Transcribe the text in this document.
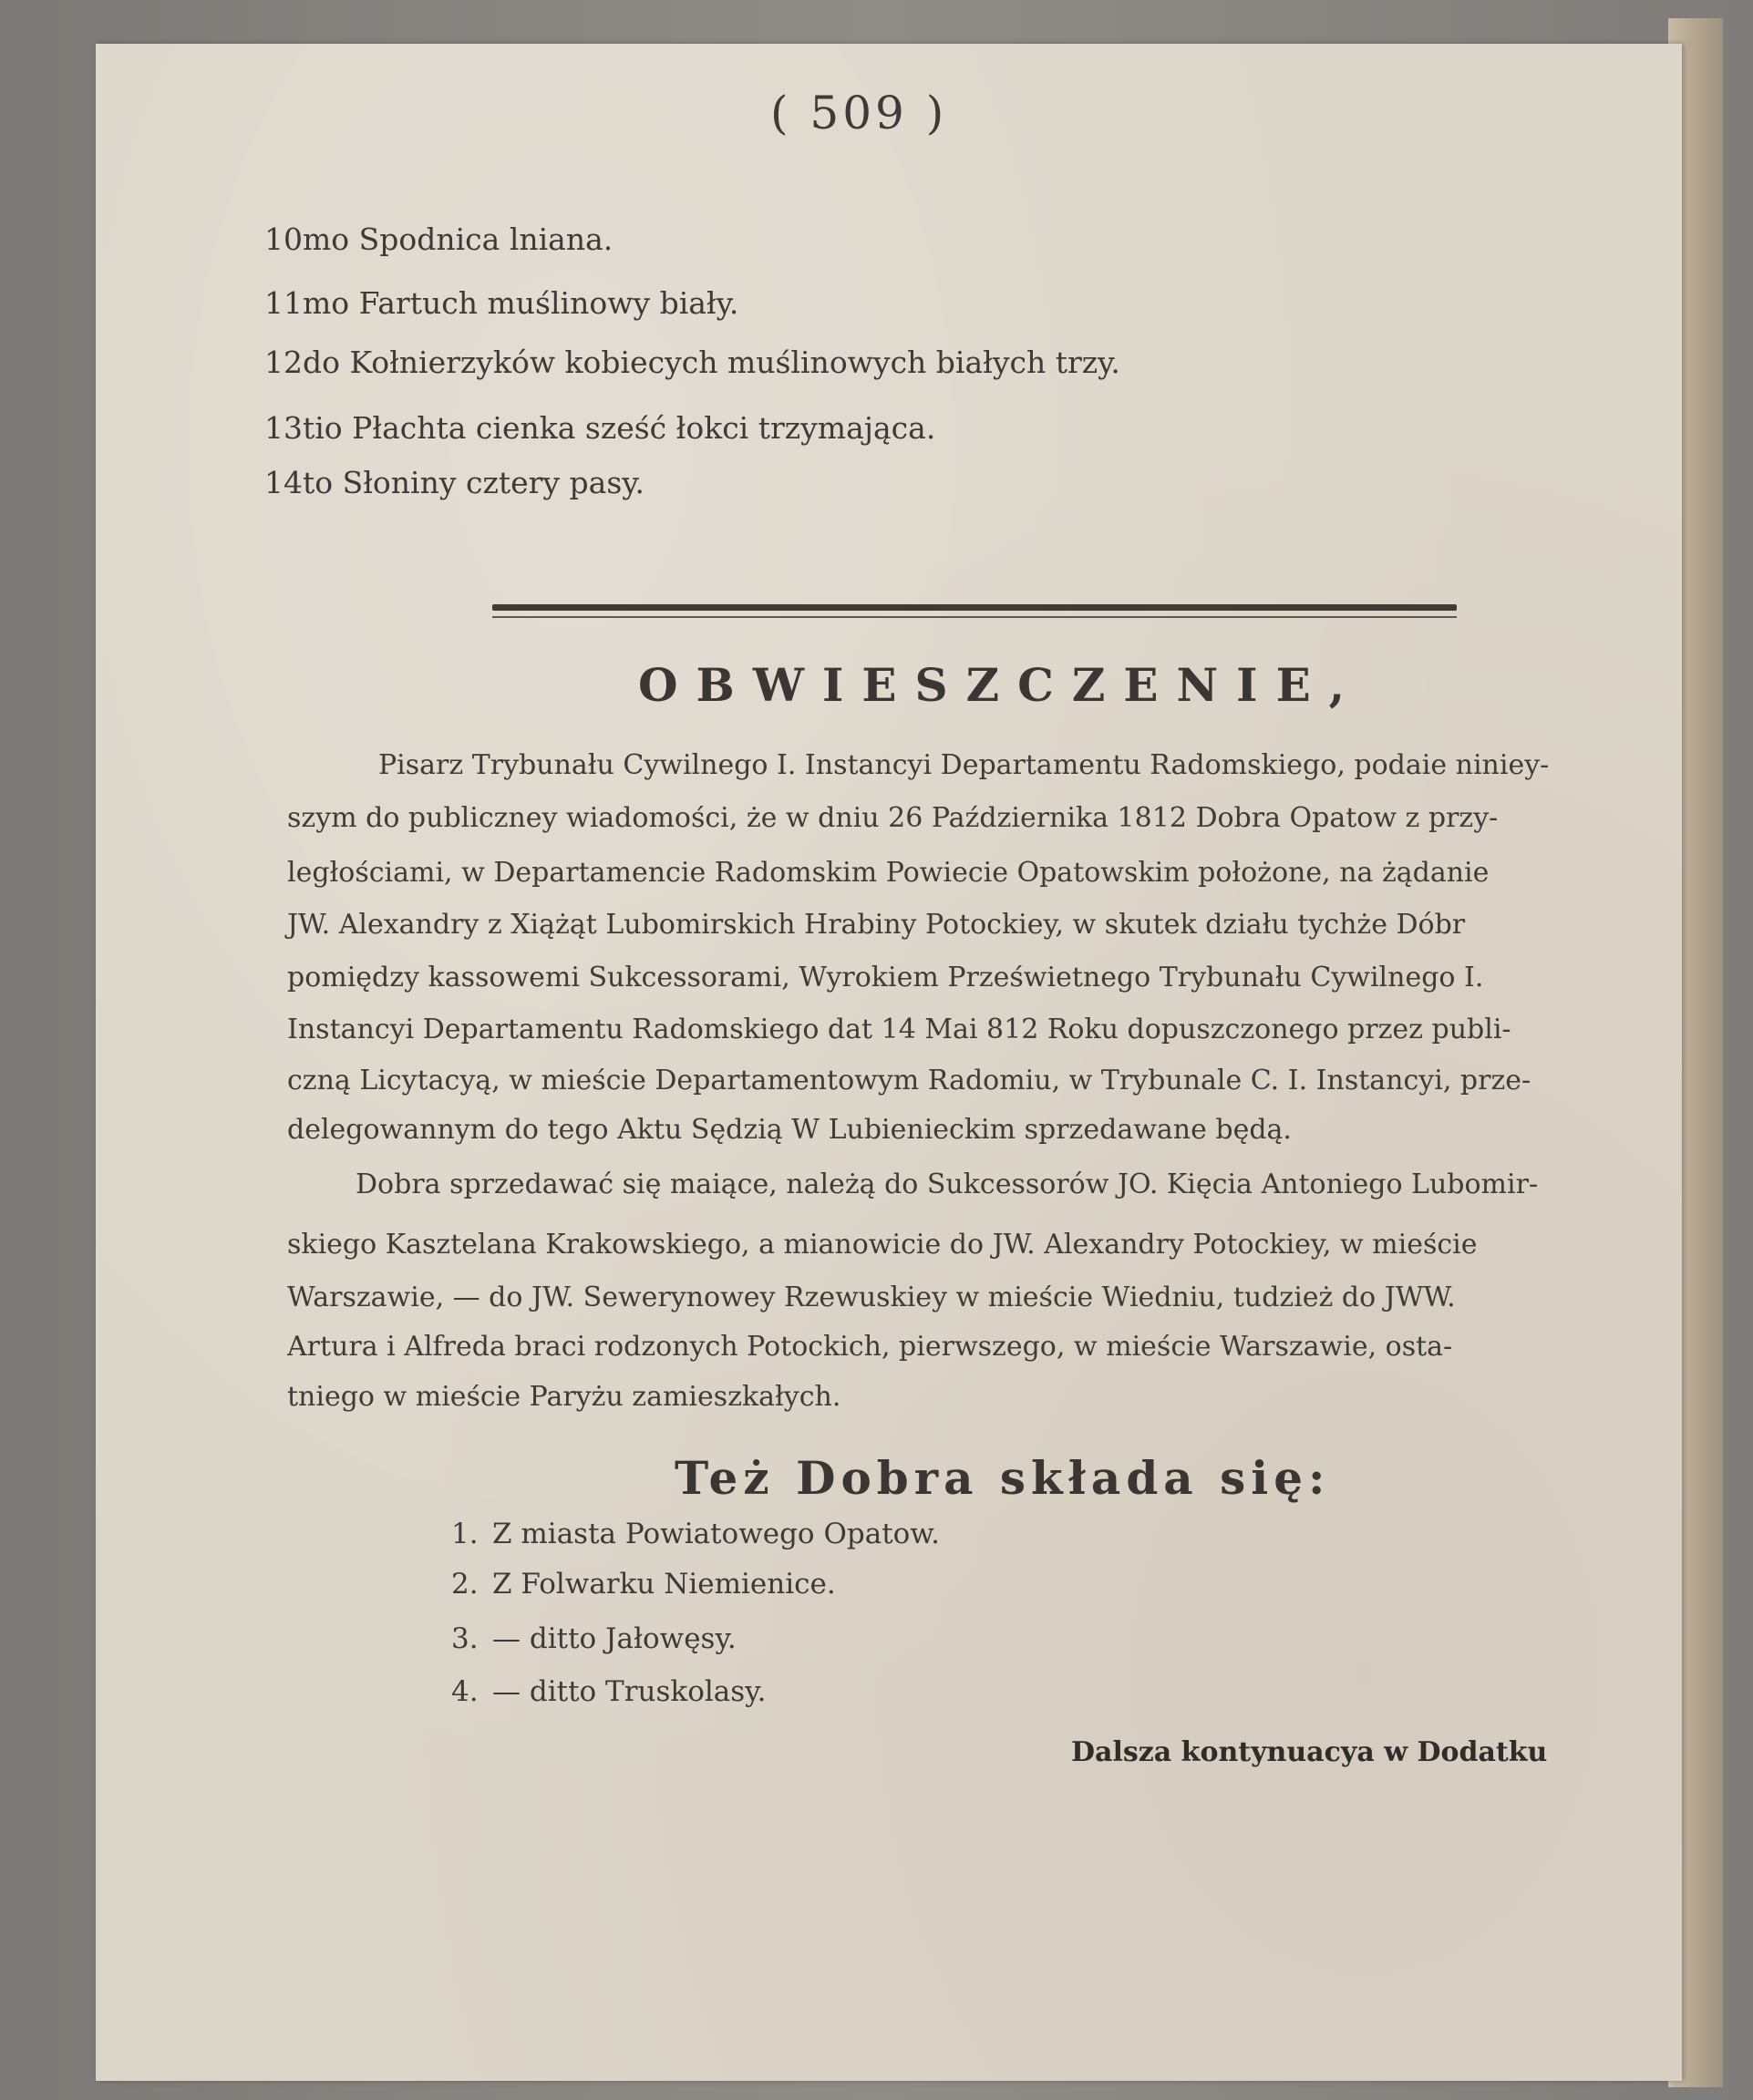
( 509 )
10mo Spodnica lniana.
11mo Fartuch muślinowy biały.
12do Kołnierzyków kobiecych muślinowych białych trzy.
13tio Płachta cienka sześć łokci trzymająca.
14to Słoniny cztery pasy.
OBWIESZCZENIE,
Pisarz Trybunału Cywilnego I. Instancyi Departamentu Radomskiego, podaie niniey-
szym do publiczney wiadomości, że w dniu 26 Października 1812 Dobra Opatow z przy-
ległościami, w Departamencie Radomskim Powiecie Opatowskim położone, na żądanie
JW. Alexandry z Xiążąt Lubomirskich Hrabiny Potockiey, w skutek działu tychże Dóbr
pomiędzy kassowemi Sukcessorami, Wyrokiem Prześwietnego Trybunału Cywilnego I.
Instancyi Departamentu Radomskiego dat 14 Mai 812 Roku dopuszczonego przez publi-
czną Licytacyą, w mieście Departamentowym Radomiu, w Trybunale C. I. Instancyi, prze-
delegowannym do tego Aktu Sędzią W Lubienieckim sprzedawane będą.
Dobra sprzedawać się maiące, należą do Sukcessorów JO. Kięcia Antoniego Lubomir-
skiego Kasztelana Krakowskiego, a mianowicie do JW. Alexandry Potockiey, w mieście
Warszawie, — do JW. Sewerynowey Rzewuskiey w mieście Wiedniu, tudzież do JWW.
Artura i Alfreda braci rodzonych Potockich, pierwszego, w mieście Warszawie, osta-
tniego w mieście Paryżu zamieszkałych.
Też Dobra składa się:
1. Z miasta Powiatowego Opatow.
2. Z Folwarku Niemienice.
3. — ditto Jałowęsy.
4. — ditto Truskolasy.
Dalsza kontynuacya w Dodatku
